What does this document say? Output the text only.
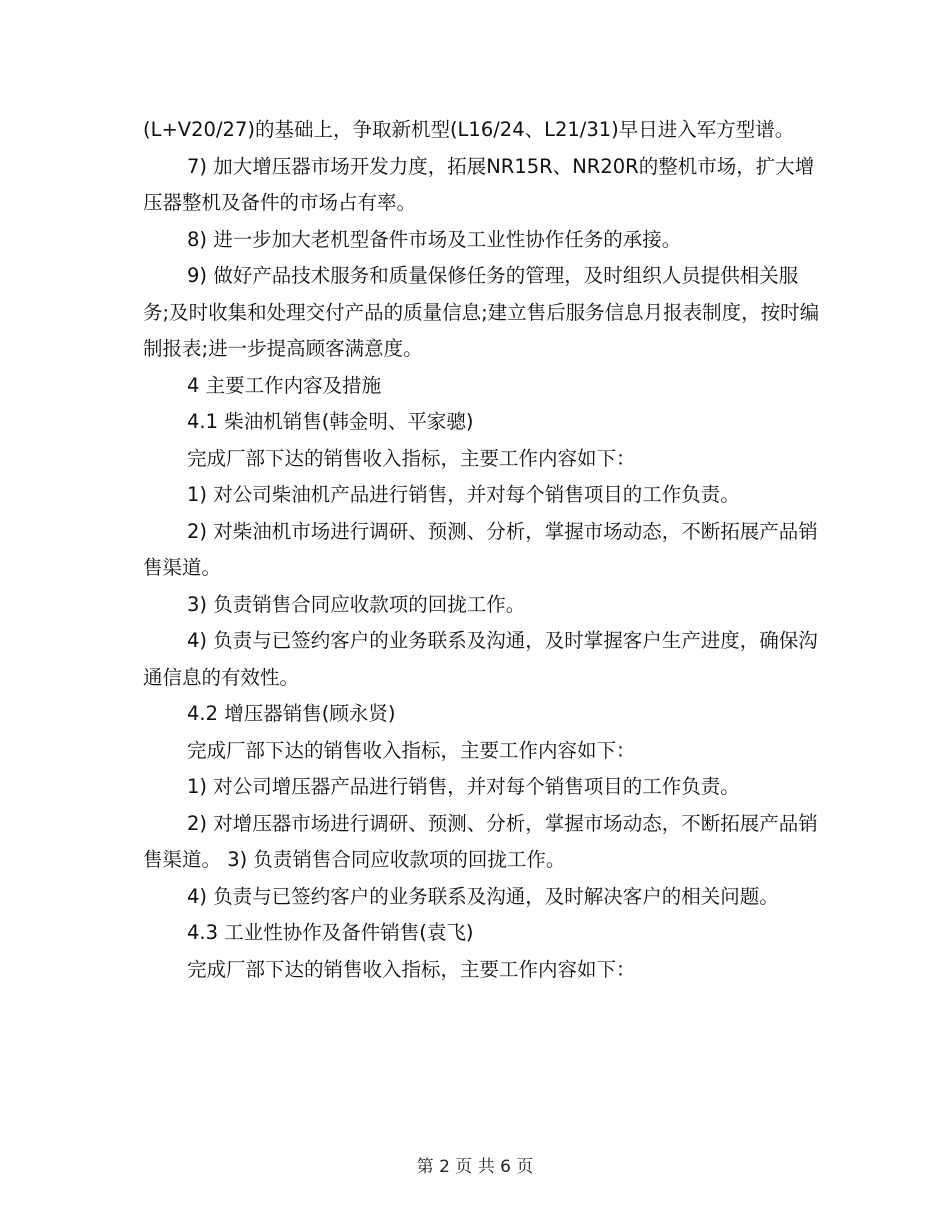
(L+V20/27)的基础上，争取新机型(L16/24、L21/31)早日进入军方型谱。

7) 加大增压器市场开发力度，拓展NR15R、NR20R的整机市场，扩大增压器整机及备件的市场占有率。

8) 进一步加大老机型备件市场及工业性协作任务的承接。

9) 做好产品技术服务和质量保修任务的管理，及时组织人员提供相关服务;及时收集和处理交付产品的质量信息;建立售后服务信息月报表制度，按时编制报表;进一步提高顾客满意度。

4 主要工作内容及措施

4.1 柴油机销售(韩金明、平家骢)

完成厂部下达的销售收入指标，主要工作内容如下：

1) 对公司柴油机产品进行销售，并对每个销售项目的工作负责。

2) 对柴油机市场进行调研、预测、分析，掌握市场动态，不断拓展产品销售渠道。

3) 负责销售合同应收款项的回拢工作。

4) 负责与已签约客户的业务联系及沟通，及时掌握客户生产进度，确保沟通信息的有效性。

4.2 增压器销售(顾永贤)

完成厂部下达的销售收入指标，主要工作内容如下：

1) 对公司增压器产品进行销售，并对每个销售项目的工作负责。

2) 对增压器市场进行调研、预测、分析，掌握市场动态，不断拓展产品销售渠道。 3) 负责销售合同应收款项的回拢工作。

4) 负责与已签约客户的业务联系及沟通，及时解决客户的相关问题。

4.3 工业性协作及备件销售(袁飞)

完成厂部下达的销售收入指标，主要工作内容如下：

第 2 页 共 6 页
